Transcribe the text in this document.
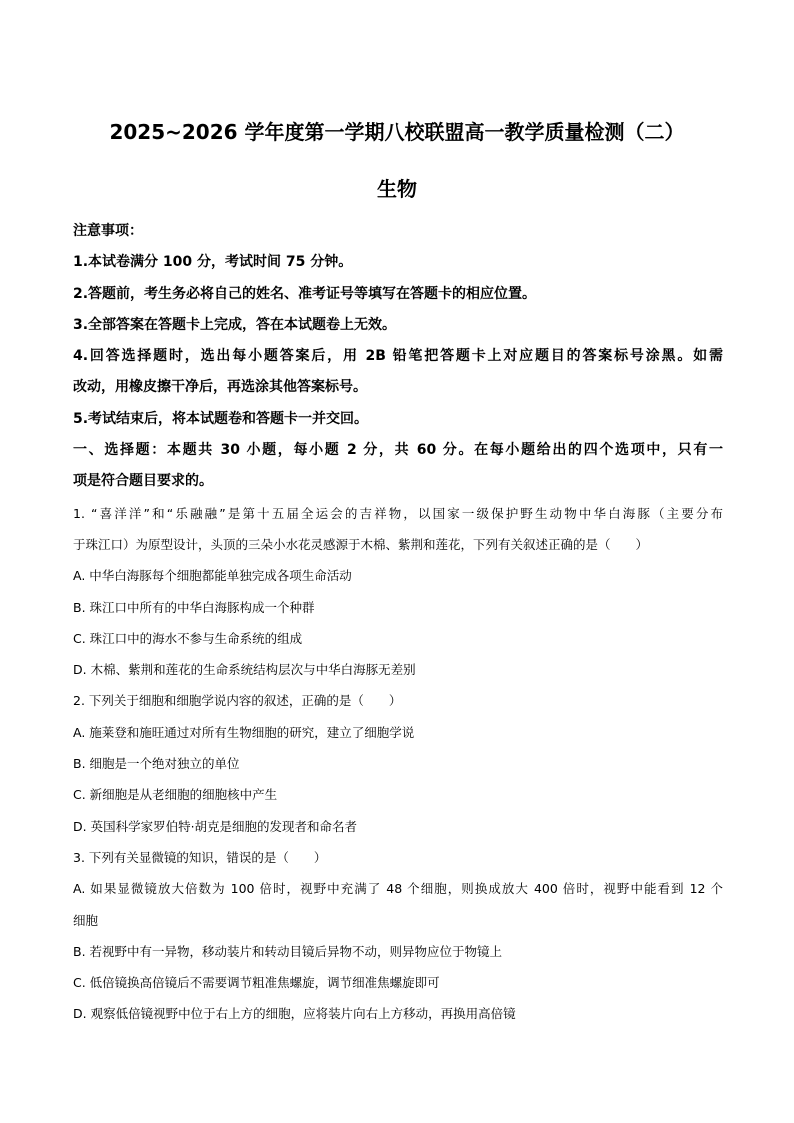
2025~2026 学年度第一学期八校联盟高一教学质量检测（二）
生物
注意事项：
1.本试卷满分 100 分，考试时间 75 分钟。
2.答题前，考生务必将自己的姓名、准考证号等填写在答题卡的相应位置。
3.全部答案在答题卡上完成，答在本试题卷上无效。
4.回答选择题时，选出每小题答案后，用 2B 铅笔把答题卡上对应题目的答案标号涂黑。如需
改动，用橡皮擦干净后，再选涂其他答案标号。
5.考试结束后，将本试题卷和答题卡一并交回。
一、选择题：本题共 30 小题，每小题 2 分，共 60 分。在每小题给出的四个选项中，只有一
项是符合题目要求的。
1. “喜洋洋”和“乐融融”是第十五届全运会的吉祥物，以国家一级保护野生动物中华白海豚（主要分布
于珠江口）为原型设计，头顶的三朵小水花灵感源于木棉、紫荆和莲花，下列有关叙述正确的是（　　）
A. 中华白海豚每个细胞都能单独完成各项生命活动
B. 珠江口中所有的中华白海豚构成一个种群
C. 珠江口中的海水不参与生命系统的组成
D. 木棉、紫荆和莲花的生命系统结构层次与中华白海豚无差别
2. 下列关于细胞和细胞学说内容的叙述，正确的是（　　）
A. 施莱登和施旺通过对所有生物细胞的研究，建立了细胞学说
B. 细胞是一个绝对独立的单位
C. 新细胞是从老细胞的细胞核中产生
D. 英国科学家罗伯特·胡克是细胞的发现者和命名者
3. 下列有关显微镜的知识，错误的是（　　）
A. 如果显微镜放大倍数为 100 倍时，视野中充满了 48 个细胞，则换成放大 400 倍时，视野中能看到 12 个
细胞
B. 若视野中有一异物，移动装片和转动目镜后异物不动，则异物应位于物镜上
C. 低倍镜换高倍镜后不需要调节粗准焦螺旋，调节细准焦螺旋即可
D. 观察低倍镜视野中位于右上方的细胞，应将装片向右上方移动，再换用高倍镜
